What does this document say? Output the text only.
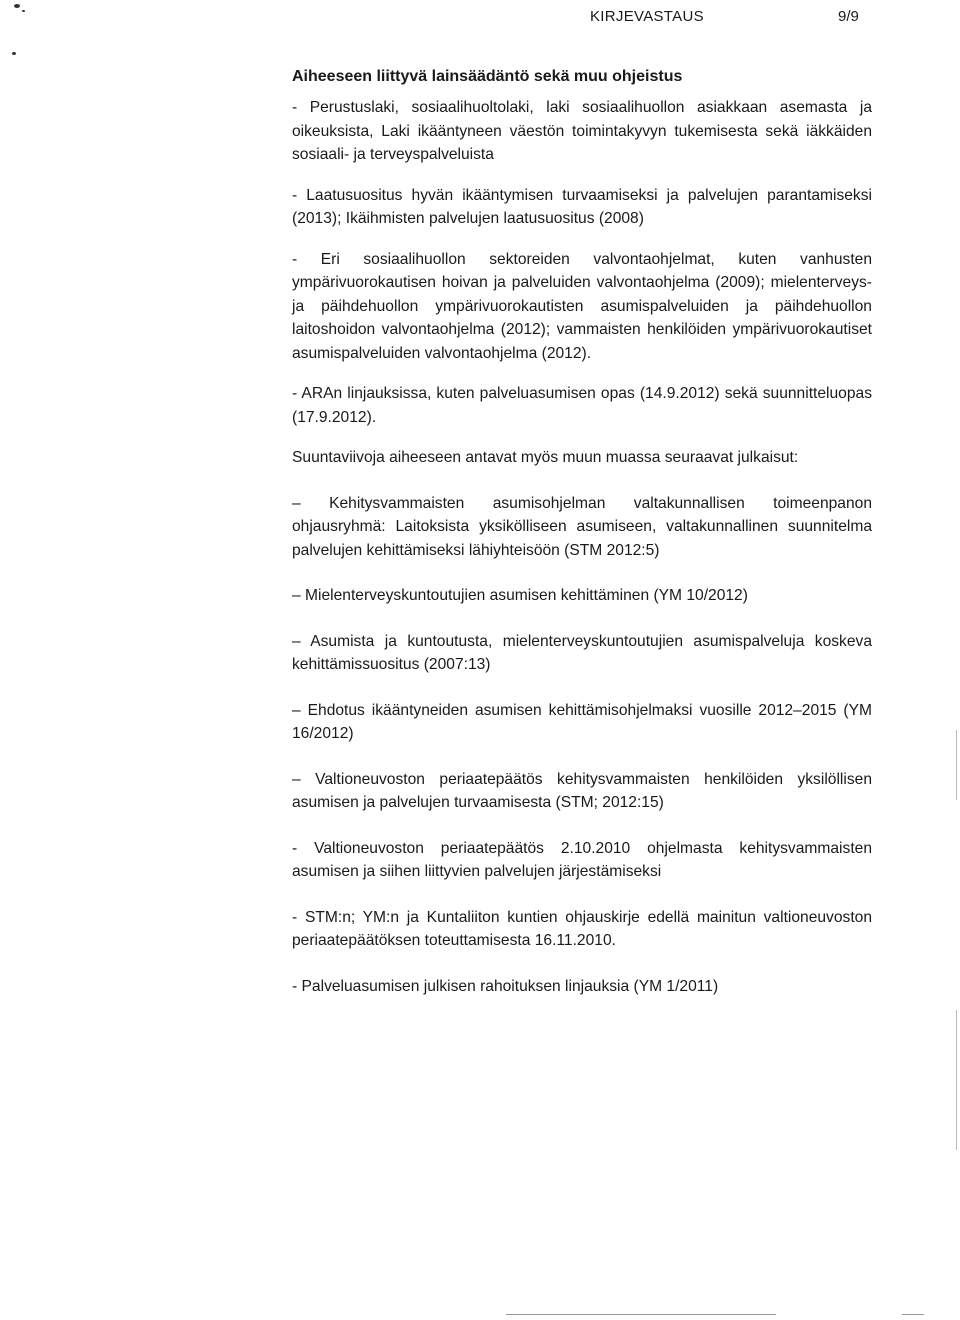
KIRJEVASTAUS	9/9
Aiheeseen liittyvä lainsäädäntö sekä muu ohjeistus

- Perustuslaki, sosiaalihuoltolaki, laki sosiaalihuollon asiakkaan asemasta ja oikeuksista, Laki ikääntyneen väestön toimintakyvyn tukemisesta sekä iäkkäiden sosiaali- ja terveyspalveluista

- Laatusuositus hyvän ikääntymisen turvaamiseksi ja palvelujen parantamiseksi (2013); Ikäihmisten palvelujen laatusuositus (2008)

- Eri sosiaalihuollon sektoreiden valvontaohjelmat, kuten vanhusten ympärivuorokautisen hoivan ja palveluiden valvontaohjelma (2009); mielenterveys- ja päihdehuollon ympärivuorokautisten asumispalveluiden ja päihdehuollon laitoshoidon valvontaohjelma (2012); vammaisten henkilöiden ympärivuorokautiset asumispalveluiden valvontaohjelma (2012).

- ARAn linjauksissa, kuten palveluasumisen opas (14.9.2012) sekä suunnitteluopas (17.9.2012).

Suuntaviivoja aiheeseen antavat myös muun muassa seuraavat julkaisut:

– Kehitysvammaisten asumisohjelman valtakunnallisen toimeenpanon ohjausryhmä: Laitoksista yksikölliseen asumiseen, valtakunnallinen suunnitelma palvelujen kehittämiseksi lähiyhteisöön (STM 2012:5)

– Mielenterveyskuntoutujien asumisen kehittäminen (YM 10/2012)

– Asumista ja kuntoutusta, mielenterveyskuntoutujien asumispalveluja koskeva kehittämissuositus (2007:13)

– Ehdotus ikääntyneiden asumisen kehittämisohjelmaksi vuosille 2012–2015 (YM 16/2012)

– Valtioneuvoston periaatepäätös kehitysvammaisten henkilöiden yksilöllisen asumisen ja palvelujen turvaamisesta (STM; 2012:15)

- Valtioneuvoston periaatepäätös 2.10.2010 ohjelmasta kehitysvammaisten asumisen ja siihen liittyvien palvelujen järjestämiseksi

- STM:n; YM:n ja Kuntaliiton kuntien ohjauskirje edellä mainitun valtioneuvoston periaatepäätöksen toteuttamisesta 16.11.2010.

- Palveluasumisen julkisen rahoituksen linjauksia (YM 1/2011)
